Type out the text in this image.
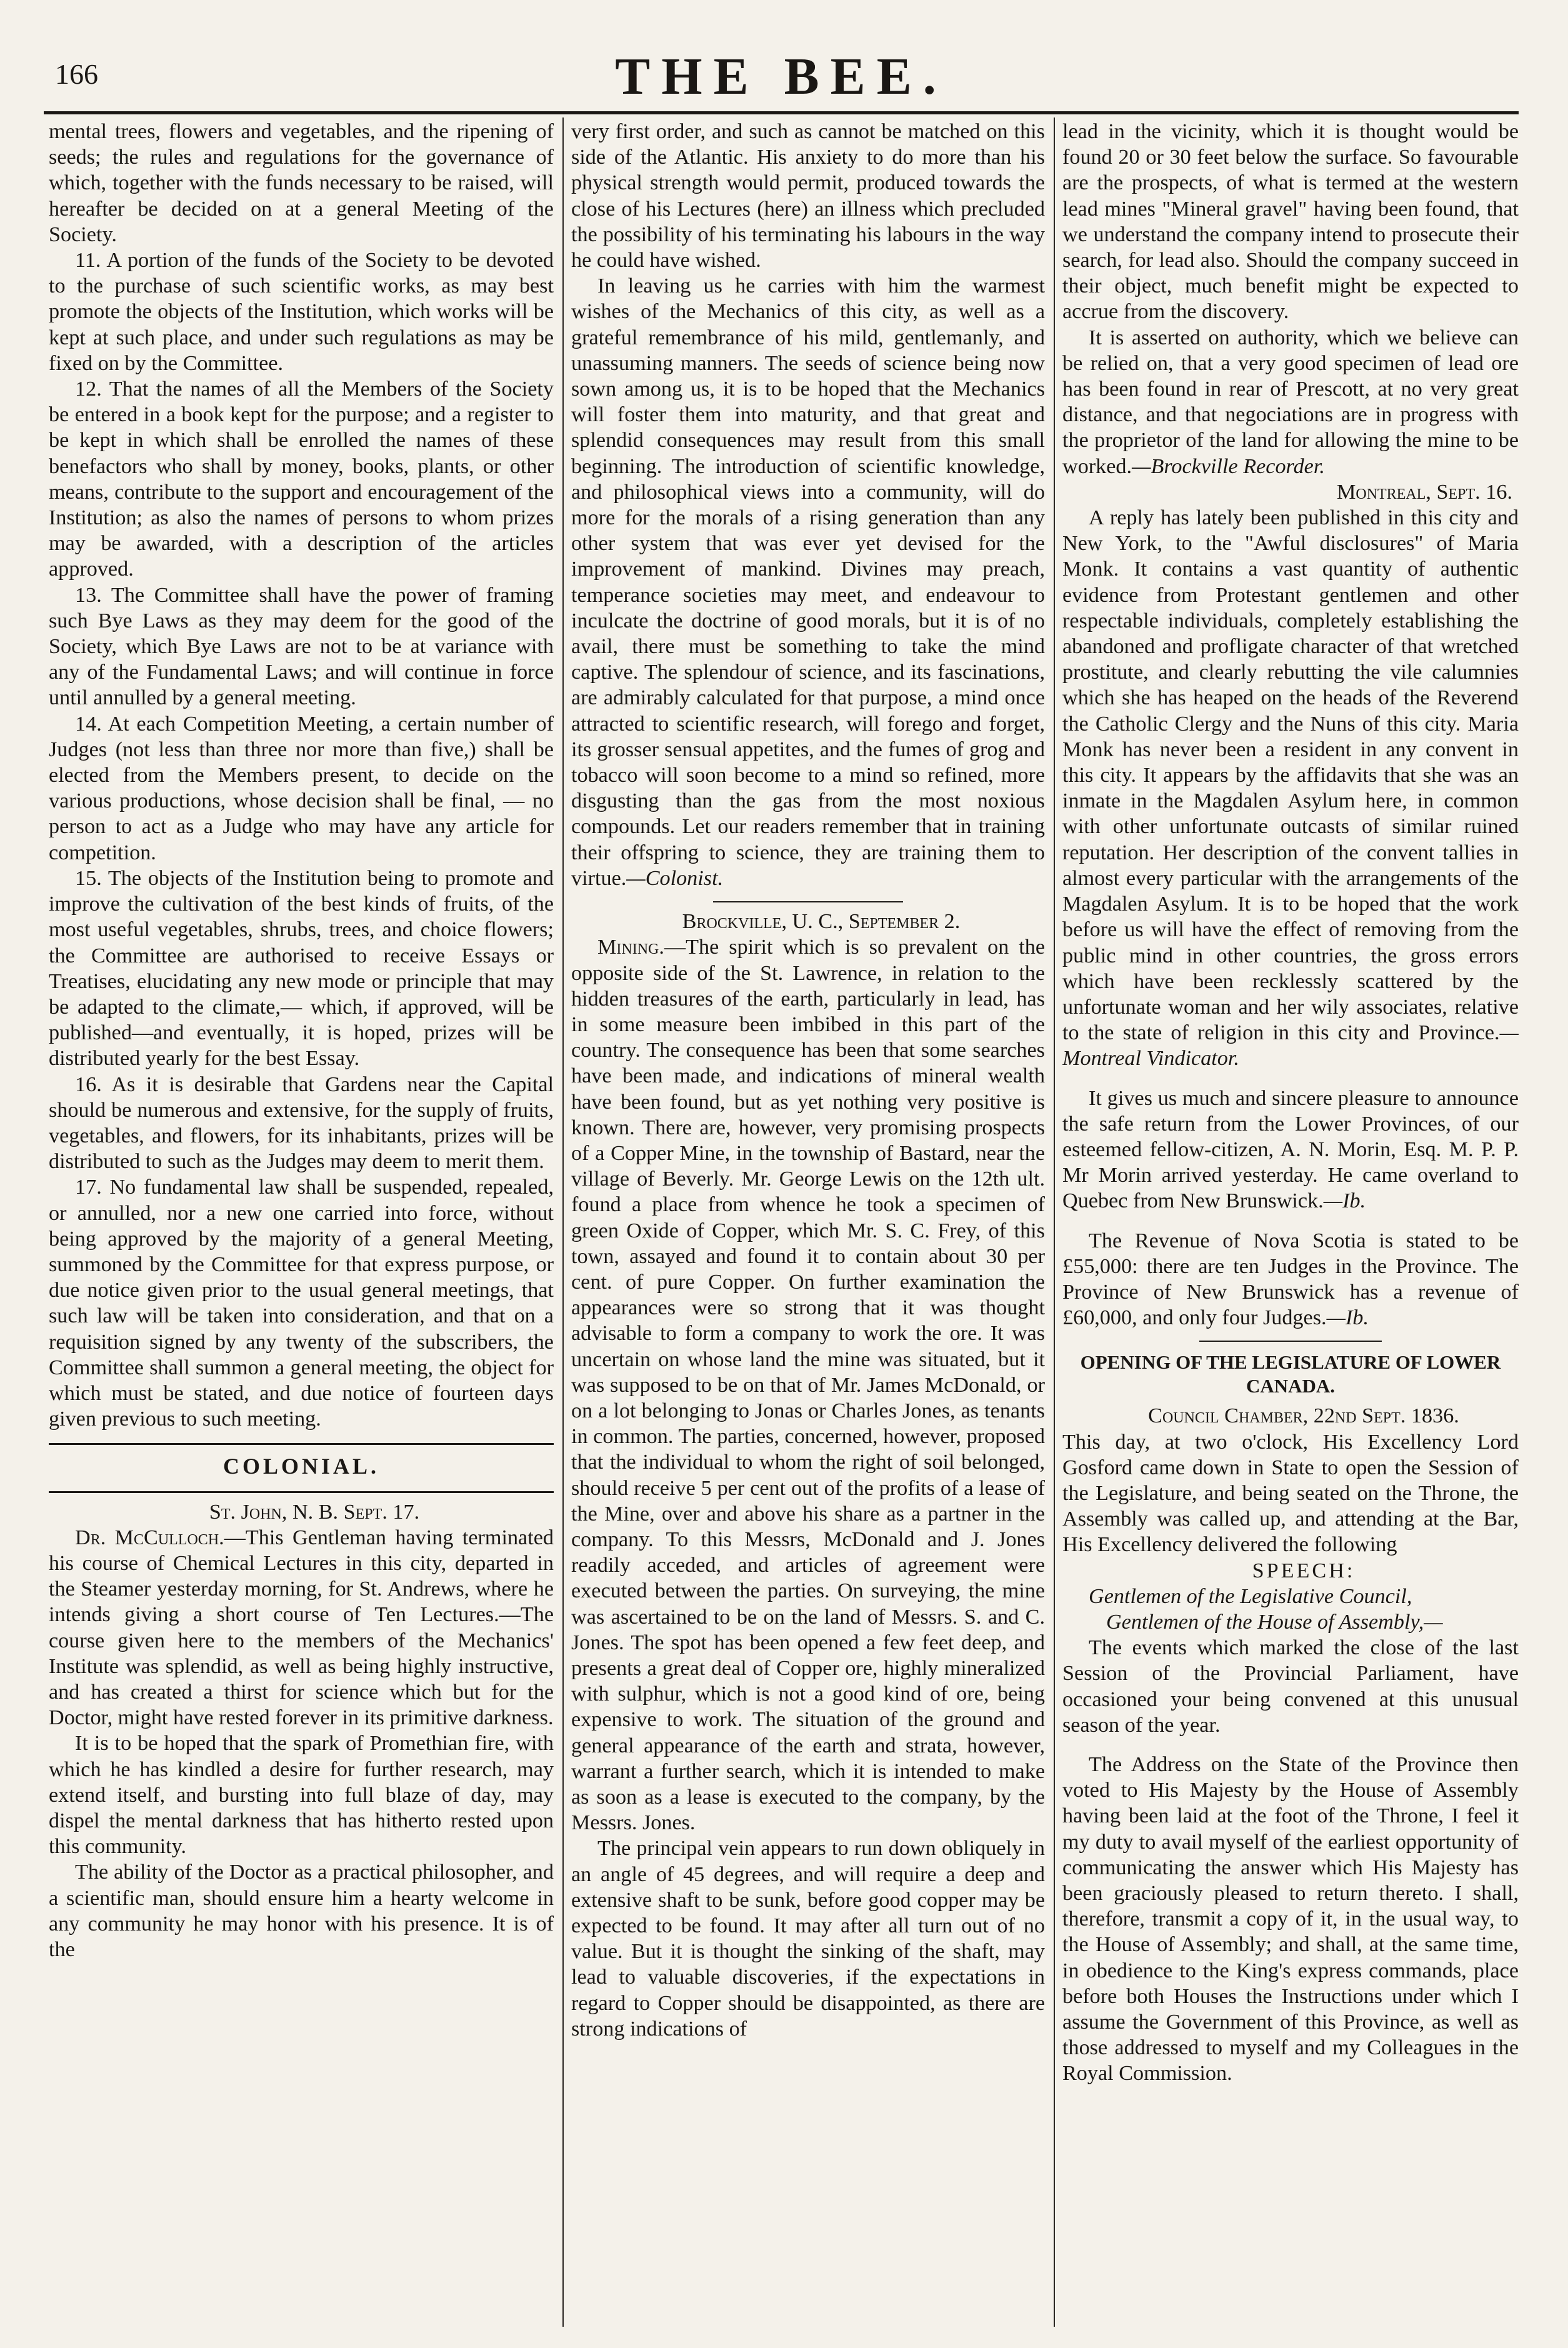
166	THE BEE.

mental trees, flowers and vegetables, and the ripening of seeds; the rules and regulations for the governance of which, together with the funds necessary to be raised, will hereafter be decided on at a general Meeting of the Society.

11. A portion of the funds of the Society to be devoted to the purchase of such scientific works, as may best promote the objects of the Institution, which works will be kept at such place, and under such regulations as may be fixed on by the Committee.

12. That the names of all the Members of the Society be entered in a book kept for the purpose; and a register to be kept in which shall be enrolled the names of these benefactors who shall by money, books, plants, or other means, contribute to the support and encouragement of the Institution; as also the names of persons to whom prizes may be awarded, with a description of the articles approved.

13. The Committee shall have the power of framing such Bye Laws as they may deem for the good of the Society, which Bye Laws are not to be at variance with any of the Fundamental Laws; and will continue in force until annulled by a general meeting.

14. At each Competition Meeting, a certain number of Judges (not less than three nor more than five,) shall be elected from the Members present, to decide on the various productions, whose decision shall be final, — no person to act as a Judge who may have any article for competition.

15. The objects of the Institution being to promote and improve the cultivation of the best kinds of fruits, of the most useful vegetables, shrubs, trees, and choice flowers; the Committee are authorised to receive Essays or Treatises, elucidating any new mode or principle that may be adapted to the climate,— which, if approved, will be published—and eventually, it is hoped, prizes will be distributed yearly for the best Essay.

16. As it is desirable that Gardens near the Capital should be numerous and extensive, for the supply of fruits, vegetables, and flowers, for its inhabitants, prizes will be distributed to such as the Judges may deem to merit them.

17. No fundamental law shall be suspended, repealed, or annulled, nor a new one carried into force, without being approved by the majority of a general Meeting, summoned by the Committee for that express purpose, or due notice given prior to the usual general meetings, that such law will be taken into consideration, and that on a requisition signed by any twenty of the subscribers, the Committee shall summon a general meeting, the object for which must be stated, and due notice of fourteen days given previous to such meeting.

COLONIAL.

St. John, N. B. Sept. 17.

Dr. McCulloch.—This Gentleman having terminated his course of Chemical Lectures in this city, departed in the Steamer yesterday morning, for St. Andrews, where he intends giving a short course of Ten Lectures.—The course given here to the members of the Mechanics' Institute was splendid, as well as being highly instructive, and has created a thirst for science which but for the Doctor, might have rested forever in its primitive darkness.

It is to be hoped that the spark of Promethian fire, with which he has kindled a desire for further research, may extend itself, and bursting into full blaze of day, may dispel the mental darkness that has hitherto rested upon this community.

The ability of the Doctor as a practical philosopher, and a scientific man, should ensure him a hearty welcome in any community he may honor with his presence. It is of the

very first order, and such as cannot be matched on this side of the Atlantic. His anxiety to do more than his physical strength would permit, produced towards the close of his Lectures (here) an illness which precluded the possibility of his terminating his labours in the way he could have wished.

In leaving us he carries with him the warmest wishes of the Mechanics of this city, as well as a grateful remembrance of his mild, gentlemanly, and unassuming manners. The seeds of science being now sown among us, it is to be hoped that the Mechanics will foster them into maturity, and that great and splendid consequences may result from this small beginning. The introduction of scientific knowledge, and philosophical views into a community, will do more for the morals of a rising generation than any other system that was ever yet devised for the improvement of mankind. Divines may preach, temperance societies may meet, and endeavour to inculcate the doctrine of good morals, but it is of no avail, there must be something to take the mind captive. The splendour of science, and its fascinations, are admirably calculated for that purpose, a mind once attracted to scientific research, will forego and forget, its grosser sensual appetites, and the fumes of grog and tobacco will soon become to a mind so refined, more disgusting than the gas from the most noxious compounds. Let our readers remember that in training their offspring to science, they are training them to virtue.—Colonist.

Brockville, U. C., September 2.

Mining.—The spirit which is so prevalent on the opposite side of the St. Lawrence, in relation to the hidden treasures of the earth, particularly in lead, has in some measure been imbibed in this part of the country. The consequence has been that some searches have been made, and indications of mineral wealth have been found, but as yet nothing very positive is known. There are, however, very promising prospects of a Copper Mine, in the township of Bastard, near the village of Beverly. Mr. George Lewis on the 12th ult. found a place from whence he took a specimen of green Oxide of Copper, which Mr. S. C. Frey, of this town, assayed and found it to contain about 30 per cent. of pure Copper. On further examination the appearances were so strong that it was thought advisable to form a company to work the ore. It was uncertain on whose land the mine was situated, but it was supposed to be on that of Mr. James McDonald, or on a lot belonging to Jonas or Charles Jones, as tenants in common. The parties, concerned, however, proposed that the individual to whom the right of soil belonged, should receive 5 per cent out of the profits of a lease of the Mine, over and above his share as a partner in the company. To this Messrs, McDonald and J. Jones readily acceded, and articles of agreement were executed between the parties. On surveying, the mine was ascertained to be on the land of Messrs. S. and C. Jones. The spot has been opened a few feet deep, and presents a great deal of Copper ore, highly mineralized with sulphur, which is not a good kind of ore, being expensive to work. The situation of the ground and general appearance of the earth and strata, however, warrant a further search, which it is intended to make as soon as a lease is executed to the company, by the Messrs. Jones.

The principal vein appears to run down obliquely in an angle of 45 degrees, and will require a deep and extensive shaft to be sunk, before good copper may be expected to be found. It may after all turn out of no value. But it is thought the sinking of the shaft, may lead to valuable discoveries, if the expectations in regard to Copper should be disappointed, as there are strong indications of

lead in the vicinity, which it is thought would be found 20 or 30 feet below the surface. So favourable are the prospects, of what is termed at the western lead mines "Mineral gravel" having been found, that we understand the company intend to prosecute their search, for lead also. Should the company succeed in their object, much benefit might be expected to accrue from the discovery.

It is asserted on authority, which we believe can be relied on, that a very good specimen of lead ore has been found in rear of Prescott, at no very great distance, and that negociations are in progress with the proprietor of the land for allowing the mine to be worked.—Brockville Recorder.

Montreal, Sept. 16.

A reply has lately been published in this city and New York, to the "Awful disclosures" of Maria Monk. It contains a vast quantity of authentic evidence from Protestant gentlemen and other respectable individuals, completely establishing the abandoned and profligate character of that wretched prostitute, and clearly rebutting the vile calumnies which she has heaped on the heads of the Reverend the Catholic Clergy and the Nuns of this city. Maria Monk has never been a resident in any convent in this city. It appears by the affidavits that she was an inmate in the Magdalen Asylum here, in common with other unfortunate outcasts of similar ruined reputation. Her description of the convent tallies in almost every particular with the arrangements of the Magdalen Asylum. It is to be hoped that the work before us will have the effect of removing from the public mind in other countries, the gross errors which have been recklessly scattered by the unfortunate woman and her wily associates, relative to the state of religion in this city and Province.—Montreal Vindicator.

It gives us much and sincere pleasure to announce the safe return from the Lower Provinces, of our esteemed fellow-citizen, A. N. Morin, Esq. M. P. P. Mr Morin arrived yesterday. He came overland to Quebec from New Brunswick.—Ib.

The Revenue of Nova Scotia is stated to be £55,000: there are ten Judges in the Province. The Province of New Brunswick has a revenue of £60,000, and only four Judges.—Ib.

OPENING OF THE LEGISLATURE OF LOWER CANADA.

Council Chamber, 22nd Sept. 1836.

This day, at two o'clock, His Excellency Lord Gosford came down in State to open the Session of the Legislature, and being seated on the Throne, the Assembly was called up, and attending at the Bar, His Excellency delivered the following

SPEECH:

Gentlemen of the Legislative Council,

Gentlemen of the House of Assembly,—

The events which marked the close of the last Session of the Provincial Parliament, have occasioned your being convened at this unusual season of the year.

The Address on the State of the Province then voted to His Majesty by the House of Assembly having been laid at the foot of the Throne, I feel it my duty to avail myself of the earliest opportunity of communicating the answer which His Majesty has been graciously pleased to return thereto. I shall, therefore, transmit a copy of it, in the usual way, to the House of Assembly; and shall, at the same time, in obedience to the King's express commands, place before both Houses the Instructions under which I assume the Government of this Province, as well as those addressed to myself and my Colleagues in the Royal Commission.
